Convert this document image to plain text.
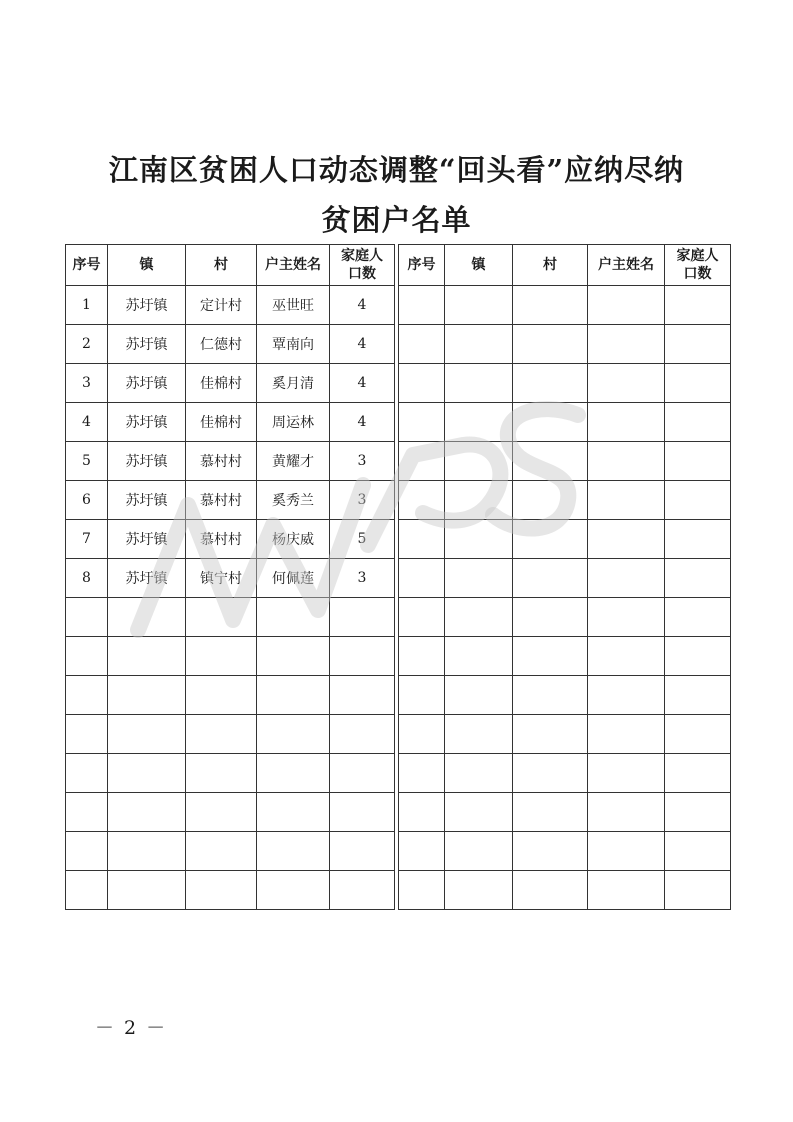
江南区贫困人口动态调整“回头看”应纳尽纳
贫困户名单
序号	镇	村	户主姓名	家庭人口数
1	苏圩镇	定计村	巫世旺	4
2	苏圩镇	仁德村	覃南向	4
3	苏圩镇	佳棉村	奚月清	4
4	苏圩镇	佳棉村	周运林	4
5	苏圩镇	慕村村	黄耀才	3
6	苏圩镇	慕村村	奚秀兰	3
7	苏圩镇	慕村村	杨庆威	5
8	苏圩镇	镇宁村	何佩莲	3

序号	镇	村	户主姓名	家庭人口数

WPS
－ 2 －
